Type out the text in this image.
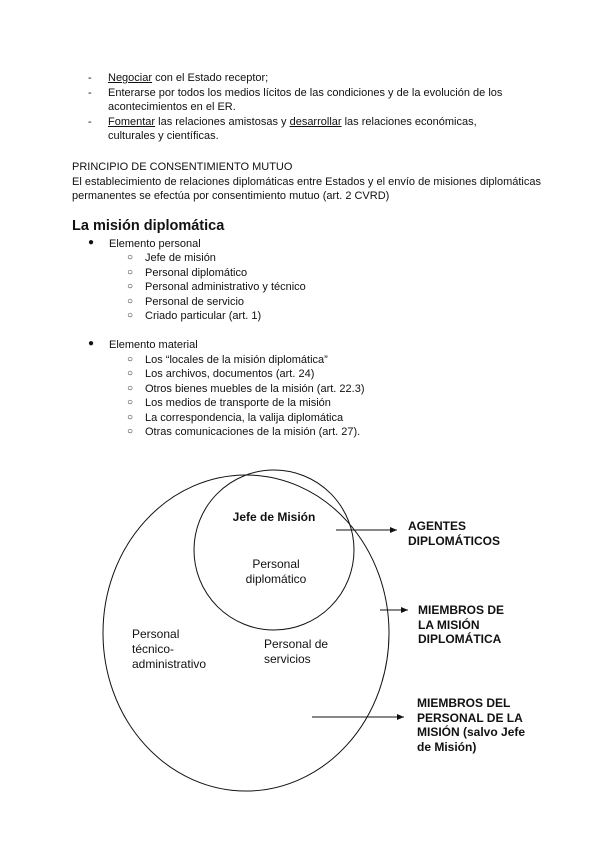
- Negociar con el Estado receptor;
- Enterarse por todos los medios lícitos de las condiciones y de la evolución de los acontecimientos en el ER.
- Fomentar las relaciones amistosas y desarrollar las relaciones económicas, culturales y científicas.
PRINCIPIO DE CONSENTIMIENTO MUTUO
El establecimiento de relaciones diplomáticas entre Estados y el envío de misiones diplomáticas permanentes se efectúa por consentimiento mutuo (art. 2 CVRD)
La misión diplomática
● Elemento personal
○ Jefe de misión
○ Personal diplomático
○ Personal administrativo y técnico
○ Personal de servicio
○ Criado particular (art. 1)
● Elemento material
○ Los “locales de la misión diplomática”
○ Los archivos, documentos (art. 24)
○ Otros bienes muebles de la misión (art. 22.3)
○ Los medios de transporte de la misión
○ La correspondencia, la valija diplomática
○ Otras comunicaciones de la misión (art. 27).
Jefe de Misión
Personal diplomático
Personal técnico-administrativo
Personal de servicios
AGENTES DIPLOMÁTICOS
MIEMBROS DE LA MISIÓN DIPLOMÁTICA
MIEMBROS DEL PERSONAL DE LA MISIÓN (salvo Jefe de Misión)
